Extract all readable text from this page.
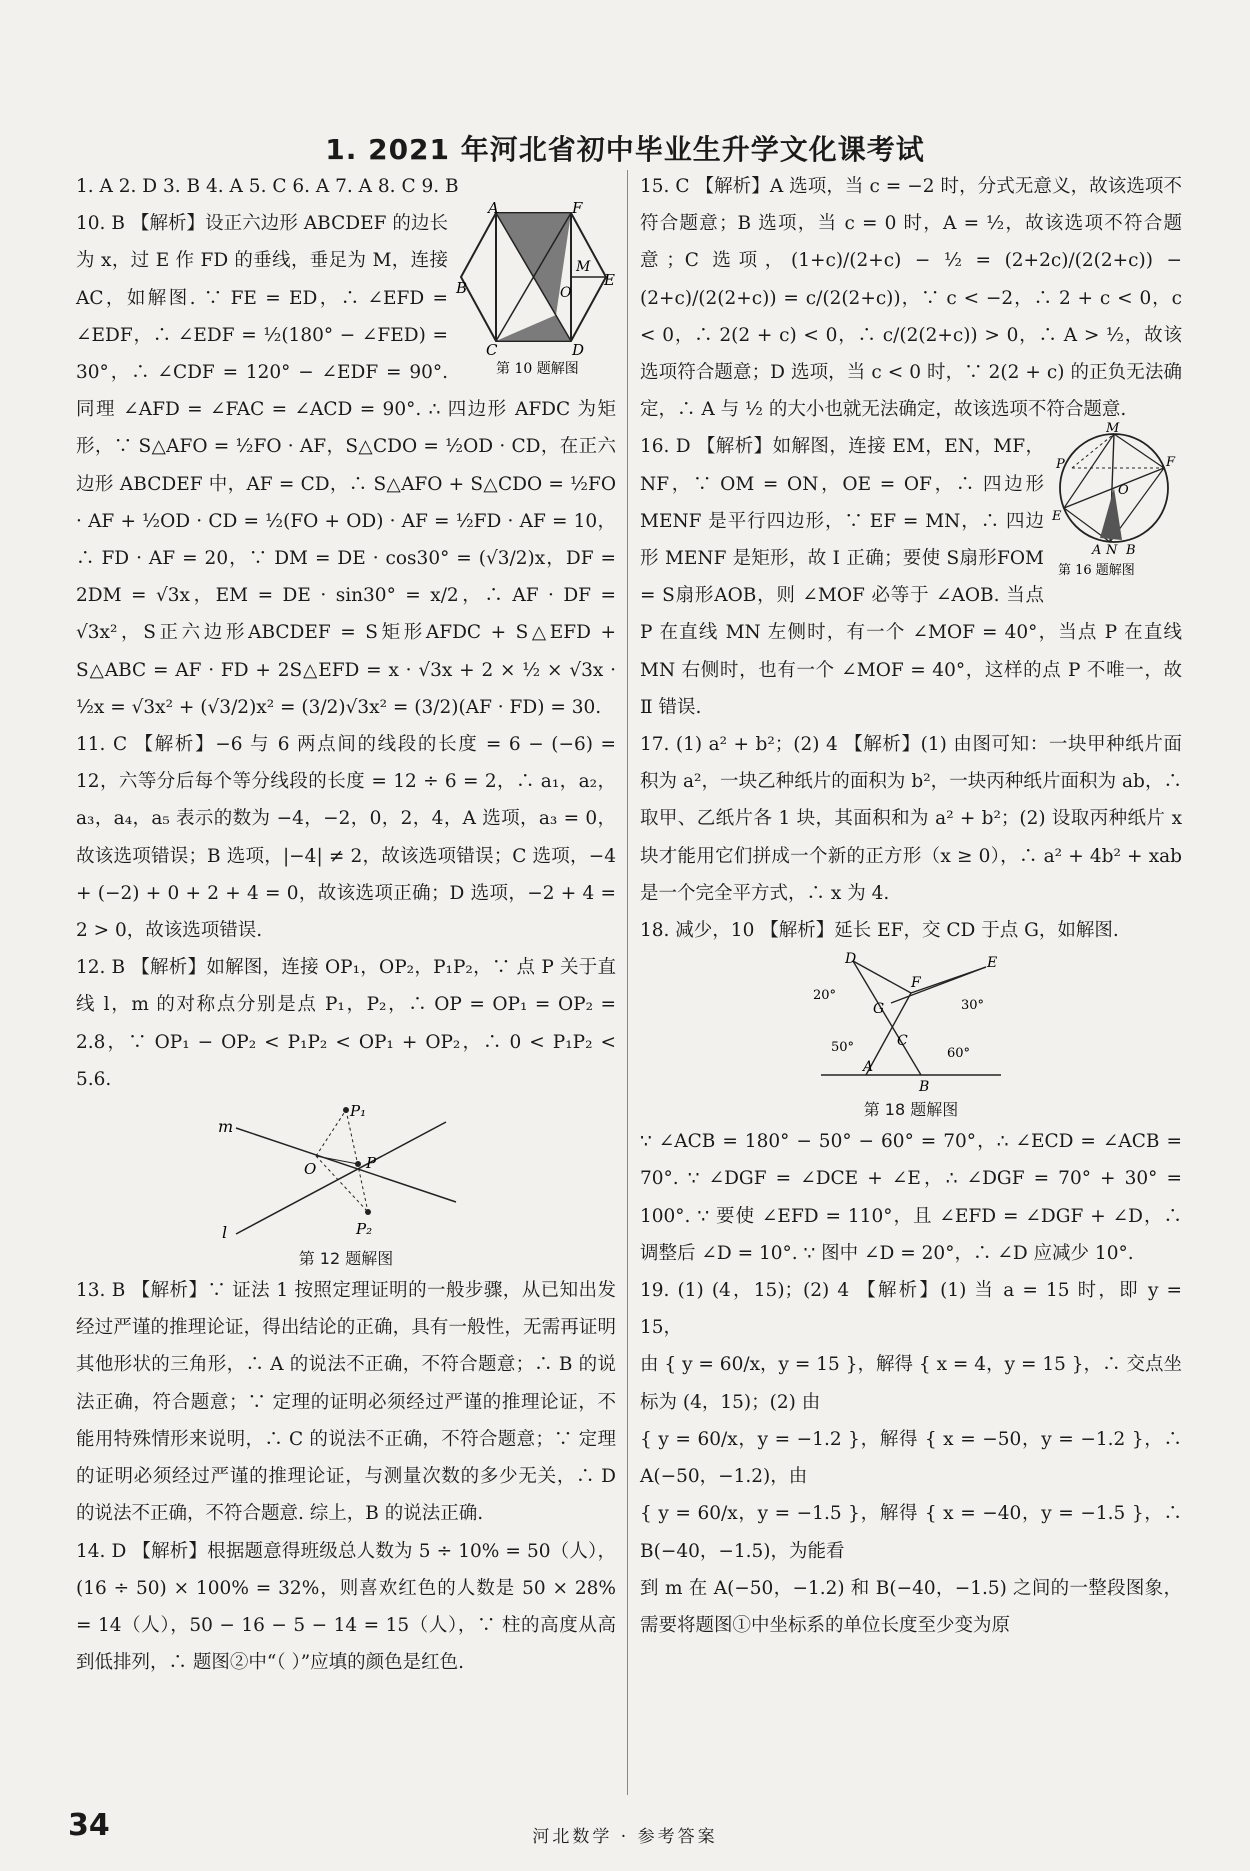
1. 2021 年河北省初中毕业生升学文化课考试

1. A 2. D 3. B 4. A 5. C 6. A 7. A 8. C 9. B

A	F
B	E
C	D
M
O
第 10 题解图

10. B 【解析】设正六边形 ABCDEF 的边长为 x，过 E 作 FD 的垂线，垂足为 M，连接 AC，如解图. ∵ FE = ED，∴ ∠EFD = ∠EDF，∴ ∠EDF = ½(180° − ∠FED) = 30°，∴ ∠CDF = 120° − ∠EDF = 90°. 同理 ∠AFD = ∠FAC = ∠ACD = 90°. ∴ 四边形 AFDC 为矩形，∵ S△AFO = ½FO · AF，S△CDO = ½OD · CD，在正六边形 ABCDEF 中，AF = CD，∴ S△AFO + S△CDO = ½FO · AF + ½OD · CD = ½(FO + OD) · AF = ½FD · AF = 10，∴ FD · AF = 20，∵ DM = DE · cos30° = (√3/2)x，DF = 2DM = √3x，EM = DE · sin30° = x/2，∴ AF · DF = √3x²，S正六边形ABCDEF = S矩形AFDC + S△EFD + S△ABC = AF · FD + 2S△EFD = x · √3x + 2 × ½ × √3x · ½x = √3x² + (√3/2)x² = (3/2)√3x² = (3/2)(AF · FD) = 30.

11. C 【解析】−6 与 6 两点间的线段的长度 = 6 − (−6) = 12，六等分后每个等分线段的长度 = 12 ÷ 6 = 2，∴ a₁，a₂，a₃，a₄，a₅ 表示的数为 −4，−2，0，2，4，A 选项，a₃ = 0，故该选项错误；B 选项，|−4| ≠ 2，故该选项错误；C 选项，−4 + (−2) + 0 + 2 + 4 = 0，故该选项正确；D 选项，−2 + 4 = 2 > 0，故该选项错误.

12. B 【解析】如解图，连接 OP₁，OP₂，P₁P₂，∵ 点 P 关于直线 l，m 的对称点分别是点 P₁，P₂，∴ OP = OP₁ = OP₂ = 2.8，∵ OP₁ − OP₂ < P₁P₂ < OP₁ + OP₂，∴ 0 < P₁P₂ < 5.6.

m
l
O	P
P₁
P₂
第 12 题解图

13. B 【解析】∵ 证法 1 按照定理证明的一般步骤，从已知出发经过严谨的推理论证，得出结论的正确，具有一般性，无需再证明其他形状的三角形，∴ A 的说法不正确，不符合题意；∴ B 的说法正确，符合题意；∵ 定理的证明必须经过严谨的推理论证，不能用特殊情形来说明，∴ C 的说法不正确，不符合题意；∵ 定理的证明必须经过严谨的推理论证，与测量次数的多少无关，∴ D 的说法不正确，不符合题意. 综上，B 的说法正确.

14. D 【解析】根据题意得班级总人数为 5 ÷ 10% = 50（人），(16 ÷ 50) × 100% = 32%，则喜欢红色的人数是 50 × 28% = 14（人），50 − 16 − 5 − 14 = 15（人），∵ 柱的高度从高到低排列，∴ 题图②中“（ ）”应填的颜色是红色.

15. C 【解析】A 选项，当 c = −2 时，分式无意义，故该选项不符合题意；B 选项，当 c = 0 时，A = ½，故该选项不符合题意；C 选项，(1+c)/(2+c) − ½ = (2+2c)/(2(2+c)) − (2+c)/(2(2+c)) = c/(2(2+c))，∵ c < −2，∴ 2 + c < 0，c < 0，∴ 2(2 + c) < 0，∴ c/(2(2+c)) > 0，∴ A > ½，故该选项符合题意；D 选项，当 c < 0 时，∵ 2(2 + c) 的正负无法确定，∴ A 与 ½ 的大小也就无法确定，故该选项不符合题意.

M
P	F
E
A N B
O
第 16 题解图

16. D 【解析】如解图，连接 EM，EN，MF，NF，∵ OM = ON，OE = OF，∴ 四边形 MENF 是平行四边形，∵ EF = MN，∴ 四边形 MENF 是矩形，故 Ⅰ 正确；要使 S扇形FOM = S扇形AOB，则 ∠MOF 必等于 ∠AOB. 当点 P 在直线 MN 左侧时，有一个 ∠MOF = 40°，当点 P 在直线 MN 右侧时，也有一个 ∠MOF = 40°，这样的点 P 不唯一，故 Ⅱ 错误.

17. (1) a² + b²；(2) 4 【解析】(1) 由图可知：一块甲种纸片面积为 a²，一块乙种纸片的面积为 b²，一块丙种纸片面积为 ab，∴ 取甲、乙纸片各 1 块，其面积和为 a² + b²；(2) 设取丙种纸片 x 块才能用它们拼成一个新的正方形（x ≥ 0），∴ a² + 4b² + xab 是一个完全平方式，∴ x 为 4.

18. 减少，10 【解析】延长 EF，交 CD 于点 G，如解图.

D	E
F
G
C
A
B
20°
30°
50°	60°
第 18 题解图

∵ ∠ACB = 180° − 50° − 60° = 70°，∴ ∠ECD = ∠ACB = 70°. ∵ ∠DGF = ∠DCE + ∠E，∴ ∠DGF = 70° + 30° = 100°. ∵ 要使 ∠EFD = 110°，且 ∠EFD = ∠DGF + ∠D，∴ 调整后 ∠D = 10°. ∵ 图中 ∠D = 20°，∴ ∠D 应减少 10°.

19. (1) (4，15)；(2) 4 【解析】(1) 当 a = 15 时，即 y = 15，

由 { y = 60/x，y = 15 }，解得 { x = 4，y = 15 }，∴ 交点坐标为 (4，15)；(2) 由

{ y = 60/x，y = −1.2 }，解得 { x = −50，y = −1.2 }，∴ A(−50，−1.2)，由

{ y = 60/x，y = −1.5 }，解得 { x = −40，y = −1.5 }，∴ B(−40，−1.5)，为能看

到 m 在 A(−50，−1.2) 和 B(−40，−1.5) 之间的一整段图象，需要将题图①中坐标系的单位长度至少变为原

34	河北数学 · 参考答案
